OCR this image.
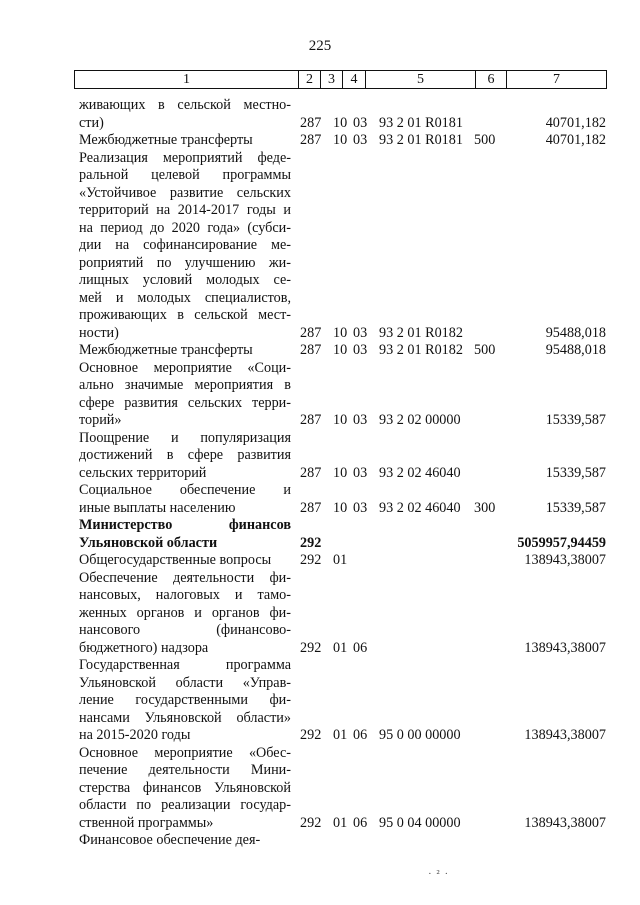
225
1	2	3	4	5	6	7
живающих в сельской местно-
сти)	287 10 03 93 2 01 R0181	40701,182
Межбюджетные трансферты	287 10 03 93 2 01 R0181 500	40701,182
Реализация мероприятий феде-
ральной целевой программы
«Устойчивое развитие сельских
территорий на 2014-2017 годы и
на период до 2020 года» (субси-
дии на софинансирование ме-
роприятий по улучшению жи-
лищных условий молодых се-
мей и молодых специалистов,
проживающих в сельской мест-
ности)	287 10 03 93 2 01 R0182	95488,018
Межбюджетные трансферты	287 10 03 93 2 01 R0182 500	95488,018
Основное мероприятие «Соци-
ально значимые мероприятия в
сфере развития сельских терри-
торий»	287 10 03 93 2 02 00000	15339,587
Поощрение и популяризация
достижений в сфере развития
сельских территорий	287 10 03 93 2 02 46040	15339,587
Социальное обеспечение и
иные выплаты населению	287 10 03 93 2 02 46040 300	15339,587
Министерство финансов
Ульяновской области	292	5059957,94459
Общегосударственные вопросы	292 01	138943,38007
Обеспечение деятельности фи-
нансовых, налоговых и тамо-
женных органов и органов фи-
нансового (финансово-
бюджетного) надзора	292 01 06	138943,38007
Государственная программа
Ульяновской области «Управ-
ление государственными фи-
нансами Ульяновской области»
на 2015-2020 годы	292 01 06 95 0 00 00000	138943,38007
Основное мероприятие «Обес-
печение деятельности Мини-
стерства финансов Ульяновской
области по реализации государ-
ственной программы»	292 01 06 95 0 04 00000	138943,38007
Финансовое обеспечение дея-
· ² ·
